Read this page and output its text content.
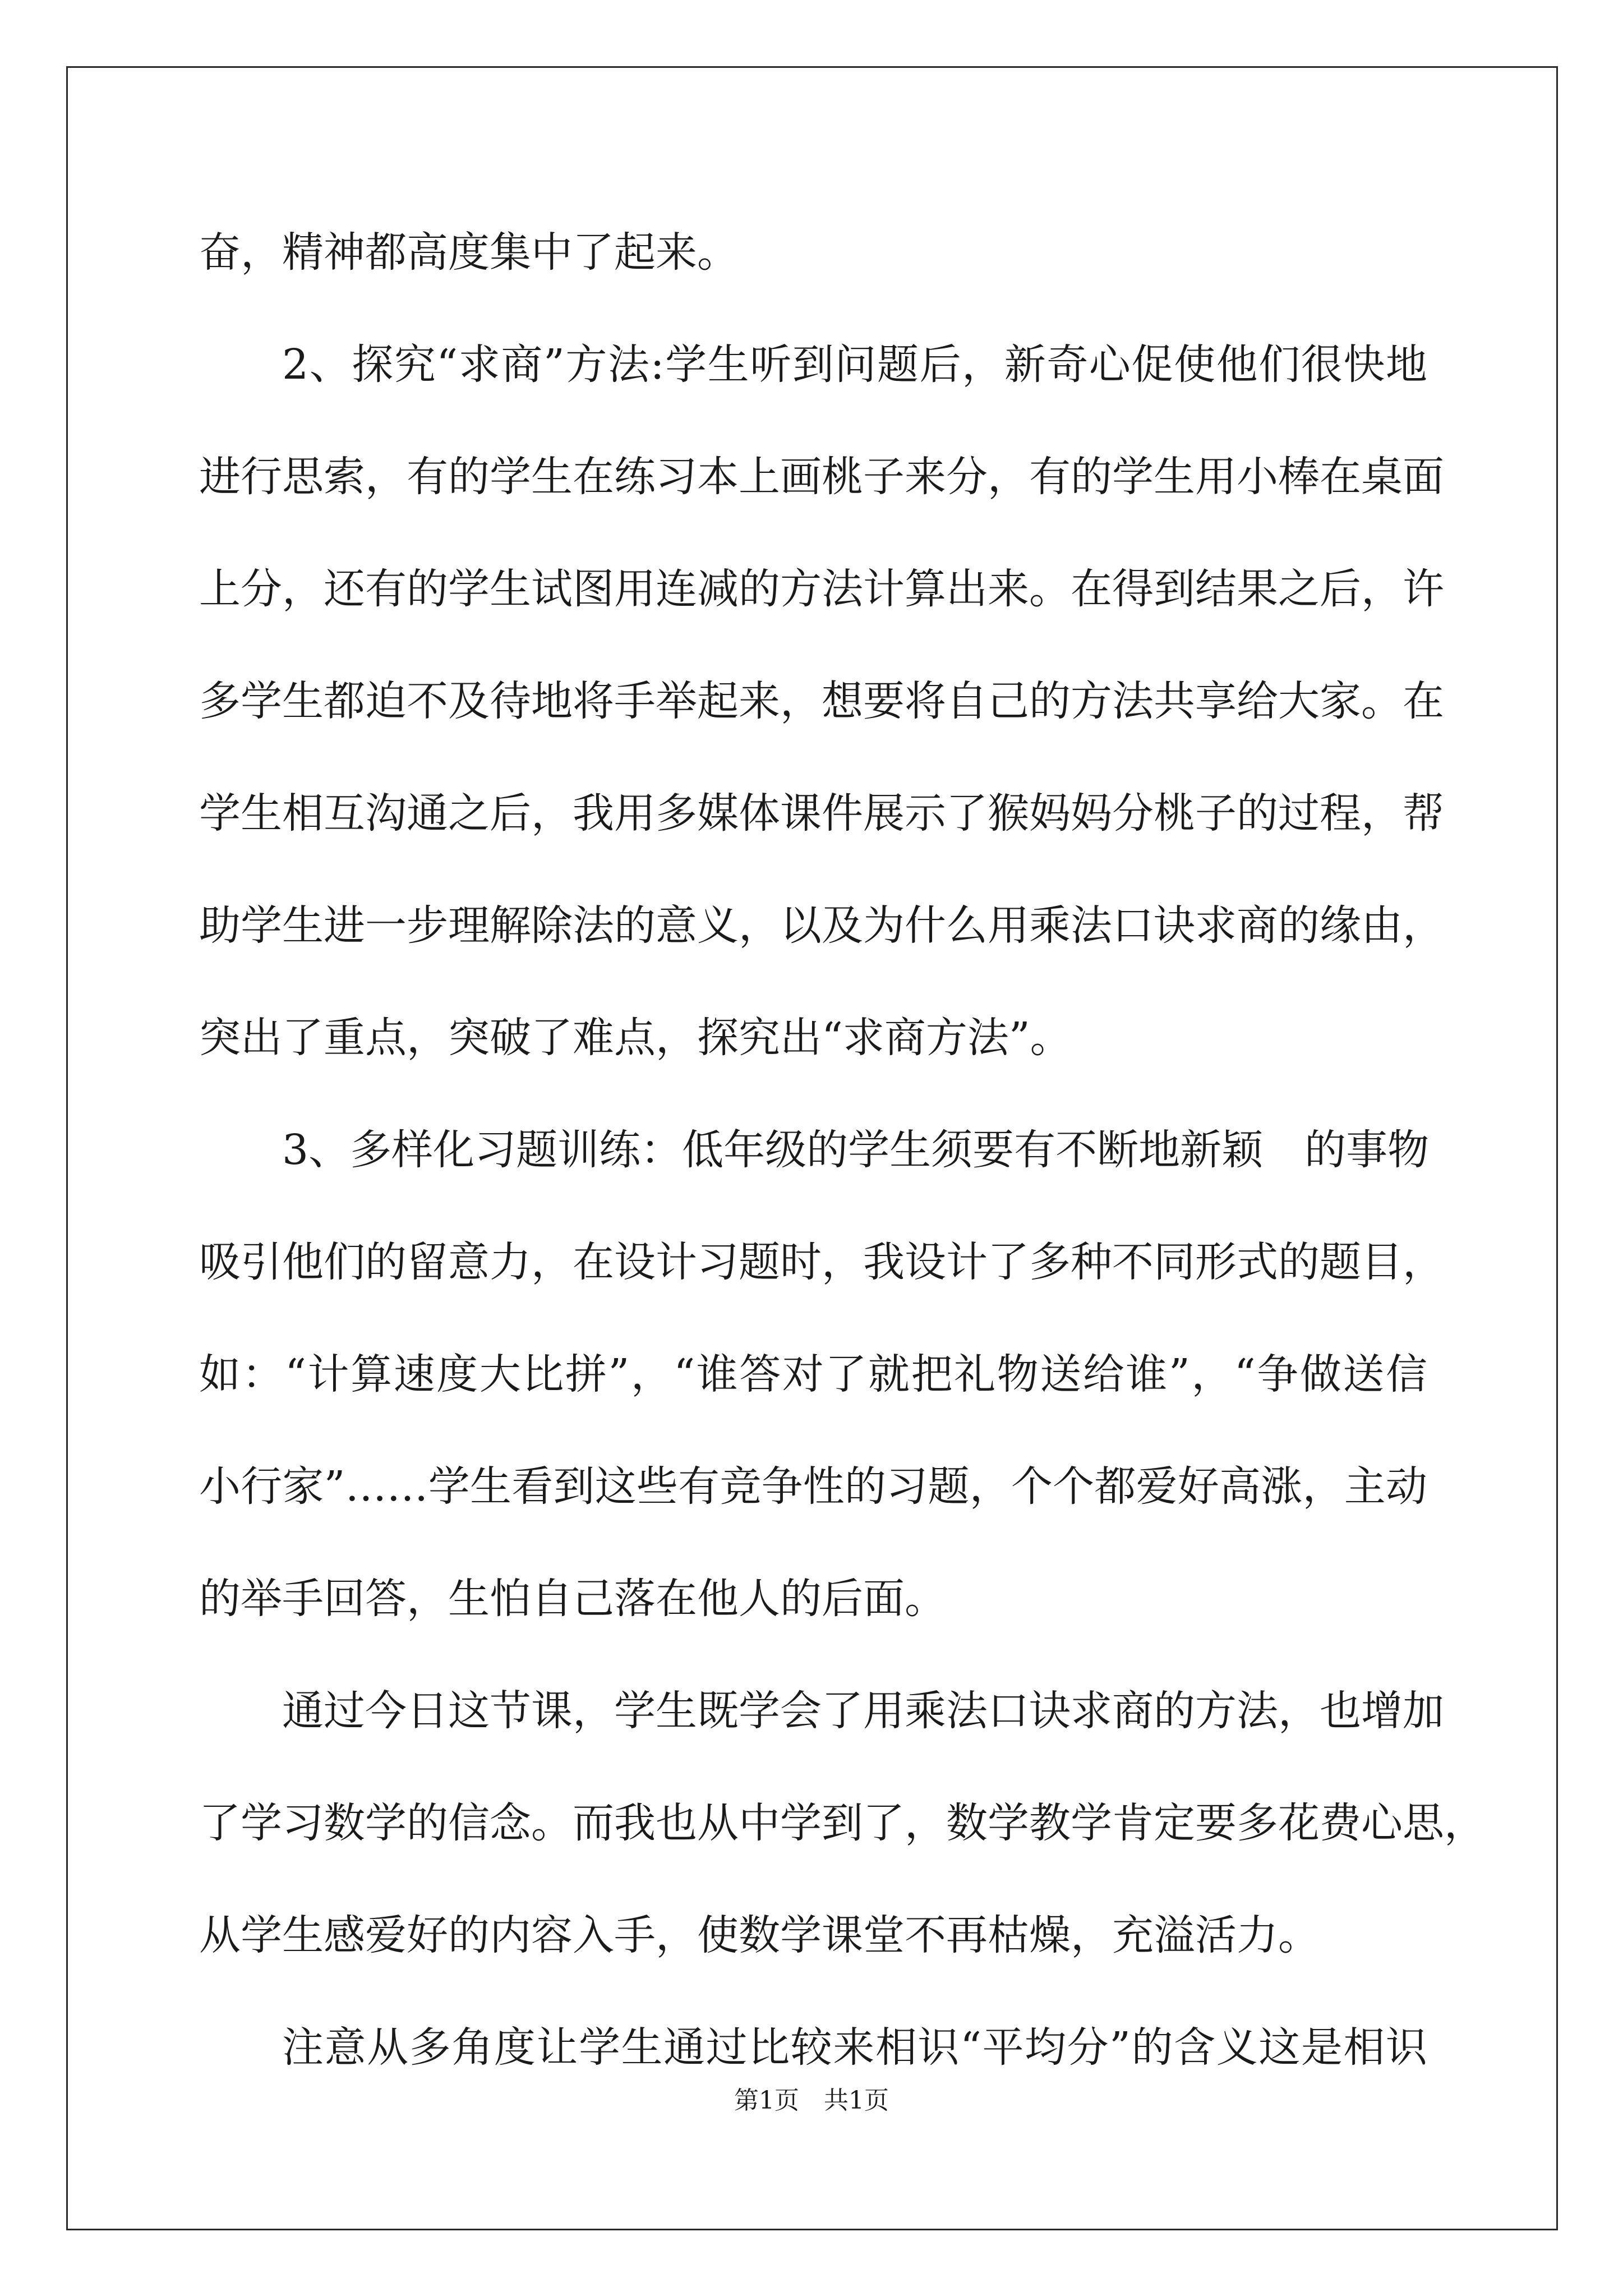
奋，精神都高度集中了起来。
2、探究“求商”方法:学生听到问题后，新奇心促使他们很快地
进行思索，有的学生在练习本上画桃子来分，有的学生用小棒在桌面
上分，还有的学生试图用连减的方法计算出来。在得到结果之后，许
多学生都迫不及待地将手举起来，想要将自己的方法共享给大家。在
学生相互沟通之后，我用多媒体课件展示了猴妈妈分桃子的过程，帮
助学生进一步理解除法的意义，以及为什么用乘法口诀求商的缘由，
突出了重点，突破了难点，探究出“求商方法”。
3、多样化习题训练：低年级的学生须要有不断地新颖　的事物
吸引他们的留意力，在设计习题时，我设计了多种不同形式的题目，
如：“计算速度大比拼”，“谁答对了就把礼物送给谁”，“争做送信
小行家”……学生看到这些有竞争性的习题，个个都爱好高涨，主动
的举手回答，生怕自己落在他人的后面。
通过今日这节课，学生既学会了用乘法口诀求商的方法，也增加
了学习数学的信念。而我也从中学到了，数学教学肯定要多花费心思，
从学生感爱好的内容入手，使数学课堂不再枯燥，充溢活力。
注意从多角度让学生通过比较来相识“平均分”的含义这是相识
第1页　共1页
